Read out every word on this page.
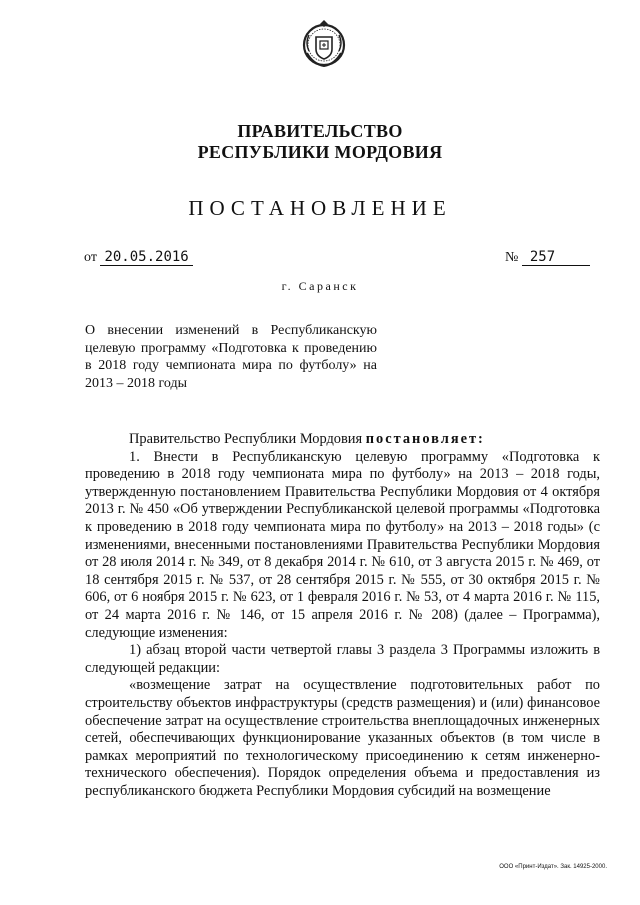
ПРАВИТЕЛЬСТВО
РЕСПУБЛИКИ МОРДОВИЯ
ПОСТАНОВЛЕНИЕ
от 20.05.2016	№ 257
г. Саранск
О внесении изменений в Республиканскую целевую программу «Подготовка к проведению в 2018 году чемпионата мира по футболу» на 2013 – 2018 годы

Правительство Республики Мордовия постановляет:

1. Внести в Республиканскую целевую программу «Подготовка к проведению в 2018 году чемпионата мира по футболу» на 2013 – 2018 годы, утвержденную постановлением Правительства Республики Мордовия от 4 октября 2013 г. № 450 «Об утверждении Республиканской целевой программы «Подготовка к проведению в 2018 году чемпионата мира по футболу» на 2013 – 2018 годы» (с изменениями, внесенными постановлениями Правительства Республики Мордовия от 28 июля 2014 г. № 349, от 8 декабря 2014 г. № 610, от 3 августа 2015 г. № 469, от 18 сентября 2015 г. № 537, от 28 сентября 2015 г. № 555, от 30 октября 2015 г. № 606, от 6 ноября 2015 г. № 623, от 1 февраля 2016 г. № 53, от 4 марта 2016 г. № 115, от 24 марта 2016 г. № 146, от 15 апреля 2016 г. № 208) (далее – Программа), следующие изменения:

1) абзац второй части четвертой главы 3 раздела 3 Программы изложить в следующей редакции:

«возмещение затрат на осуществление подготовительных работ по строительству объектов инфраструктуры (средств размещения) и (или) финансовое обеспечение затрат на осуществление строительства внеплощадочных инженерных сетей, обеспечивающих функционирование указанных объектов (в том числе в рамках мероприятий по технологическому присоединению к сетям инженерно-технического обеспечения). Порядок определения объема и предоставления из республиканского бюджета Республики Мордовия субсидий на возмещение

ООО «Принт-Издат». Зак. 14925-2000.
